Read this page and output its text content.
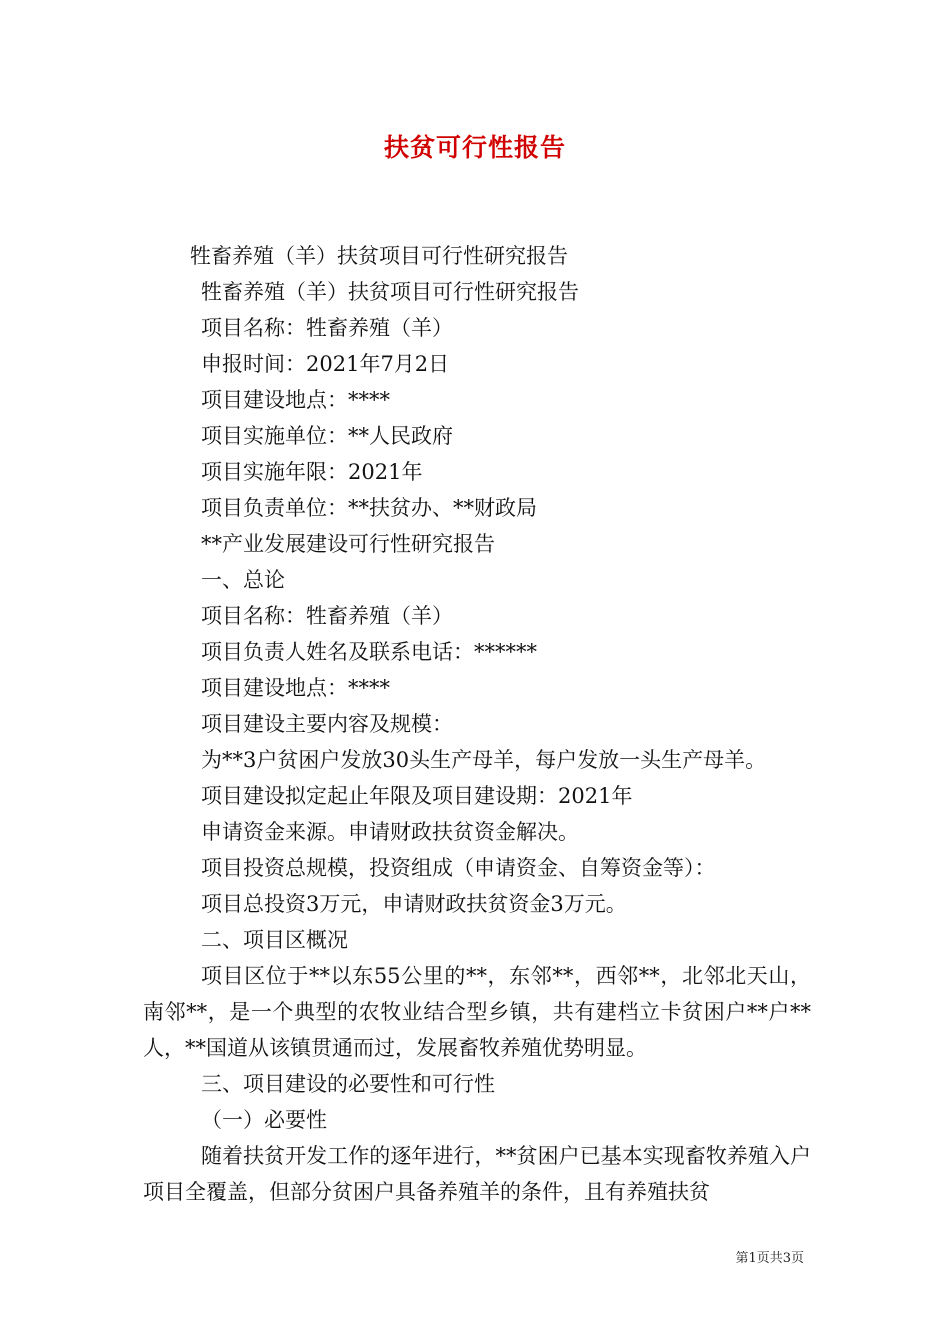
扶贫可行性报告
牲畜养殖（羊）扶贫项目可行性研究报告
牲畜养殖（羊）扶贫项目可行性研究报告
项目名称：牲畜养殖（羊）
申报时间：2021年7月2日
项目建设地点：****
项目实施单位：**人民政府
项目实施年限：2021年
项目负责单位：**扶贫办、**财政局
**产业发展建设可行性研究报告
一、总论
项目名称：牲畜养殖（羊）
项目负责人姓名及联系电话：******
项目建设地点：****
项目建设主要内容及规模：
为**3户贫困户发放30头生产母羊，每户发放一头生产母羊。
项目建设拟定起止年限及项目建设期：2021年
申请资金来源。申请财政扶贫资金解决。
项目投资总规模，投资组成（申请资金、自筹资金等）：
项目总投资3万元，申请财政扶贫资金3万元。
二、项目区概况
项目区位于**以东55公里的**，东邻**，西邻**，北邻北天山，南邻**，是一个典型的农牧业结合型乡镇，共有建档立卡贫困户**户**人，**国道从该镇贯通而过，发展畜牧养殖优势明显。
三、项目建设的必要性和可行性
（一）必要性
随着扶贫开发工作的逐年进行，**贫困户已基本实现畜牧养殖入户项目全覆盖，但部分贫困户具备养殖羊的条件，且有养殖扶贫
第1页共3页
